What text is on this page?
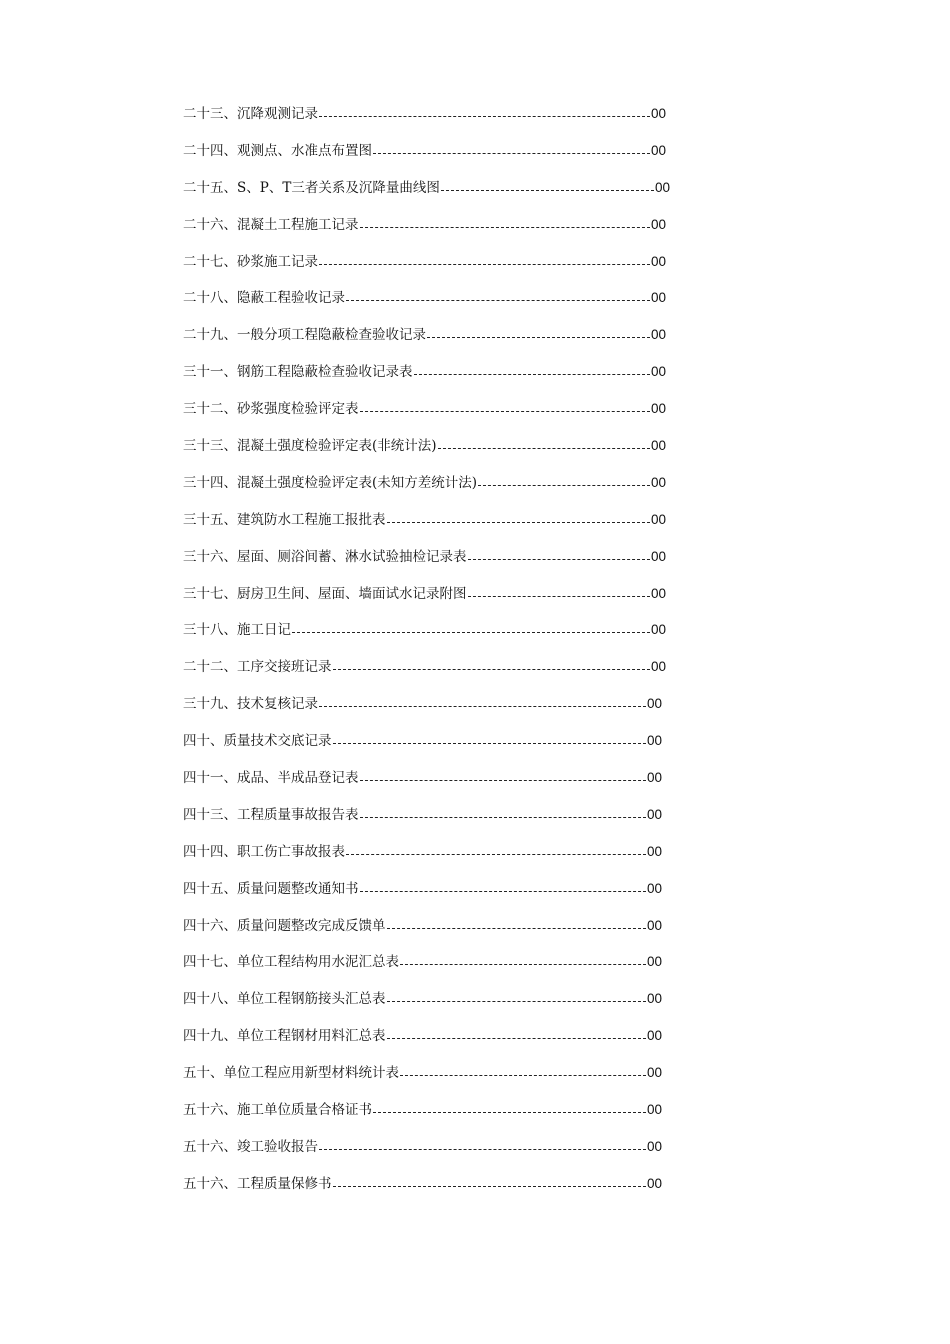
二十三、沉降观测记录	00
二十四、观测点、水准点布置图	00
二十五、S、P、T三者关系及沉降量曲线图	00
二十六、混凝土工程施工记录	00
二十七、砂浆施工记录	00
二十八、隐蔽工程验收记录	00
二十九、一般分项工程隐蔽检查验收记录	00
三十一、钢筋工程隐蔽检查验收记录表	00
三十二、砂浆强度检验评定表	00
三十三、混凝土强度检验评定表(非统计法)	00
三十四、混凝土强度检验评定表(未知方差统计法)	00
三十五、建筑防水工程施工报批表	00
三十六、屋面、厕浴间蓄、淋水试验抽检记录表	00
三十七、厨房卫生间、屋面、墙面试水记录附图	00
三十八、施工日记	00
二十二、工序交接班记录	00
三十九、技术复核记录	00
四十、质量技术交底记录	00
四十一、成品、半成品登记表	00
四十三、工程质量事故报告表	00
四十四、职工伤亡事故报表	00
四十五、质量问题整改通知书	00
四十六、质量问题整改完成反馈单	00
四十七、单位工程结构用水泥汇总表	00
四十八、单位工程钢筋接头汇总表	00
四十九、单位工程钢材用料汇总表	00
五十、单位工程应用新型材料统计表	00
五十六、施工单位质量合格证书	00
五十六、竣工验收报告	00
五十六、工程质量保修书	00
